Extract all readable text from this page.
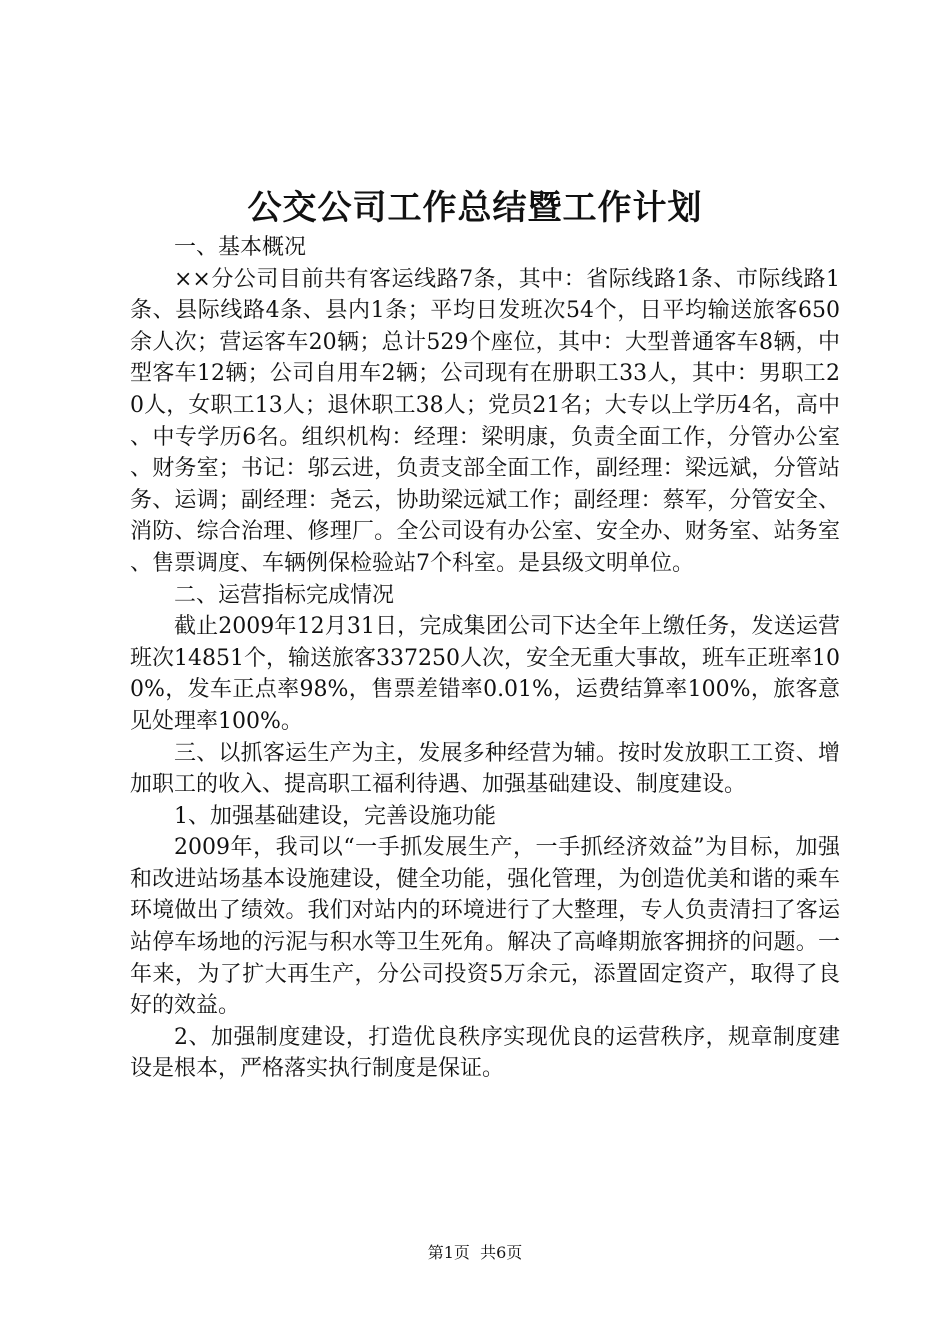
公交公司工作总结暨工作计划

一、基本概况

××分公司目前共有客运线路7条，其中：省际线路1条、市际线路1条、县际线路4条、县内1条；平均日发班次54个，日平均输送旅客650余人次；营运客车20辆；总计529个座位，其中：大型普通客车8辆，中型客车12辆；公司自用车2辆；公司现有在册职工33人，其中：男职工20人，女职工13人；退休职工38人；党员21名；大专以上学历4名，高中、中专学历6名。组织机构：经理：梁明康，负责全面工作，分管办公室、财务室；书记：邬云进，负责支部全面工作，副经理：梁远斌，分管站务、运调；副经理：尧云，协助梁远斌工作；副经理：蔡军，分管安全、消防、综合治理、修理厂。全公司设有办公室、安全办、财务室、站务室、售票调度、车辆例保检验站7个科室。是县级文明单位。

二、运营指标完成情况

截止2009年12月31日，完成集团公司下达全年上缴任务，发送运营班次14851个，输送旅客337250人次，安全无重大事故，班车正班率100%，发车正点率98%，售票差错率0.01%，运费结算率100%，旅客意见处理率100%。

三、以抓客运生产为主，发展多种经营为辅。按时发放职工工资、增加职工的收入、提高职工福利待遇、加强基础建设、制度建设。

1、加强基础建设，完善设施功能

2009年，我司以“一手抓发展生产，一手抓经济效益”为目标，加强和改进站场基本设施建设，健全功能，强化管理，为创造优美和谐的乘车环境做出了绩效。我们对站内的环境进行了大整理，专人负责清扫了客运站停车场地的污泥与积水等卫生死角。解决了高峰期旅客拥挤的问题。一年来，为了扩大再生产，分公司投资5万余元，添置固定资产，取得了良好的效益。

2、加强制度建设，打造优良秩序实现优良的运营秩序，规章制度建设是根本，严格落实执行制度是保证。

第1页  共6页
